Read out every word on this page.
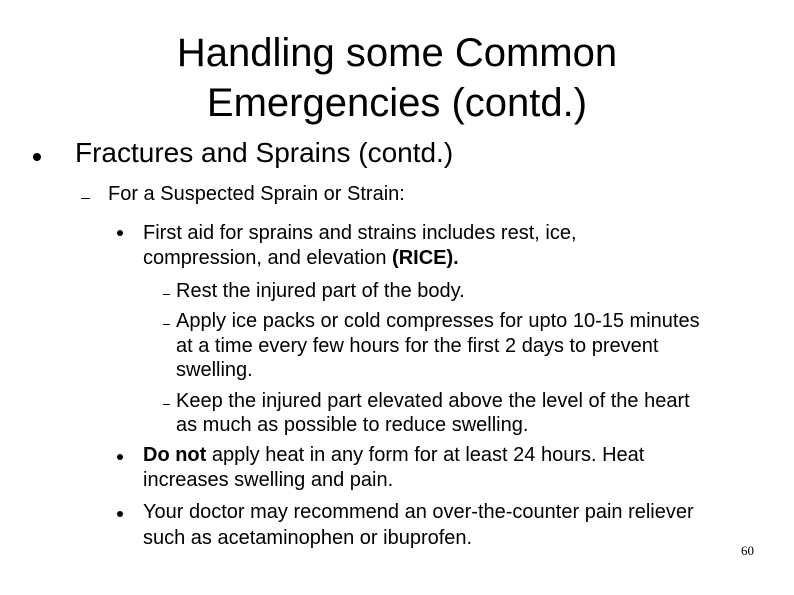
Handling some Common
Emergencies (contd.)
Fractures and Sprains (contd.)
For a Suspected Sprain or Strain:
First aid for sprains and strains includes rest, ice,
compression, and elevation (RICE).
Rest the injured part of the body.
Apply ice packs or cold compresses for upto 10-15 minutes
at a time every few hours for the first 2 days to prevent
swelling.
Keep the injured part elevated above the level of the heart
as much as possible to reduce swelling.
Do not apply heat in any form for at least 24 hours. Heat
increases swelling and pain.
Your doctor may recommend an over-the-counter pain reliever
such as acetaminophen or ibuprofen.
60
